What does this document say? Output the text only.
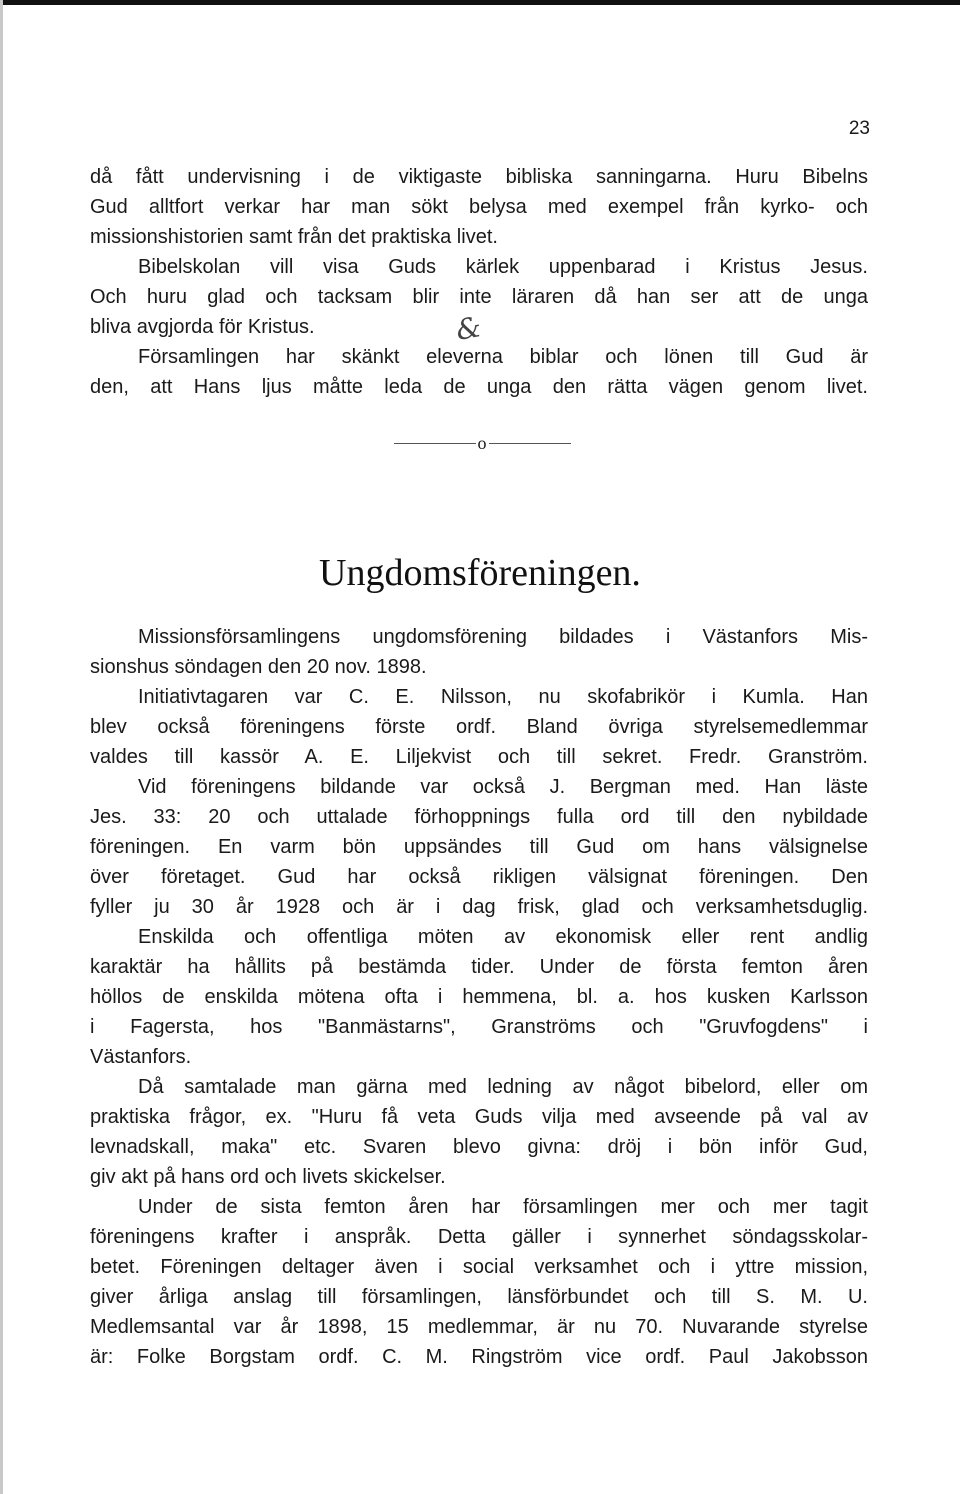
23
då fått undervisning i de viktigaste bibliska sanningarna. Huru Bibelns
Gud alltfort verkar har man sökt belysa med exempel från kyrko- och
missionshistorien samt från det praktiska livet.
Bibelskolan vill visa Guds kärlek uppenbarad i Kristus Jesus.
Och huru glad och tacksam blir inte läraren då han ser att de unga
bliva avgjorda för Kristus.
Församlingen har skänkt eleverna biblar och lönen till Gud är
den, att Hans ljus måtte leda de unga den rätta vägen genom livet.
&
o
Ungdomsföreningen.
Missionsförsamlingens ungdomsförening bildades i Västanfors Mis-
sionshus söndagen den 20 nov. 1898.
Initiativtagaren var C. E. Nilsson, nu skofabrikör i Kumla. Han
blev också föreningens förste ordf. Bland övriga styrelsemedlemmar
valdes till kassör A. E. Liljekvist och till sekret. Fredr. Granström.
Vid föreningens bildande var också J. Bergman med. Han läste
Jes. 33: 20 och uttalade förhoppnings fulla ord till den nybildade
föreningen. En varm bön uppsändes till Gud om hans välsignelse
över företaget. Gud har också rikligen välsignat föreningen. Den
fyller ju 30 år 1928 och är i dag frisk, glad och verksamhetsduglig.
Enskilda och offentliga möten av ekonomisk eller rent andlig
karaktär ha hållits på bestämda tider. Under de första femton åren
höllos de enskilda mötena ofta i hemmena, bl. a. hos kusken Karlsson
i Fagersta, hos "Banmästarns", Granströms och "Gruvfogdens" i
Västanfors.
Då samtalade man gärna med ledning av något bibelord, eller om
praktiska frågor, ex. "Huru få veta Guds vilja med avseende på val av
levnadskall, maka" etc. Svaren blevo givna: dröj i bön inför Gud,
giv akt på hans ord och livets skickelser.
Under de sista femton åren har församlingen mer och mer tagit
föreningens krafter i anspråk. Detta gäller i synnerhet söndagsskolar-
betet. Föreningen deltager även i social verksamhet och i yttre mission,
giver årliga anslag till församlingen, länsförbundet och till S. M. U.
Medlemsantal var år 1898, 15 medlemmar, är nu 70. Nuvarande styrelse
är: Folke Borgstam ordf. C. M. Ringström vice ordf. Paul Jakobsson
